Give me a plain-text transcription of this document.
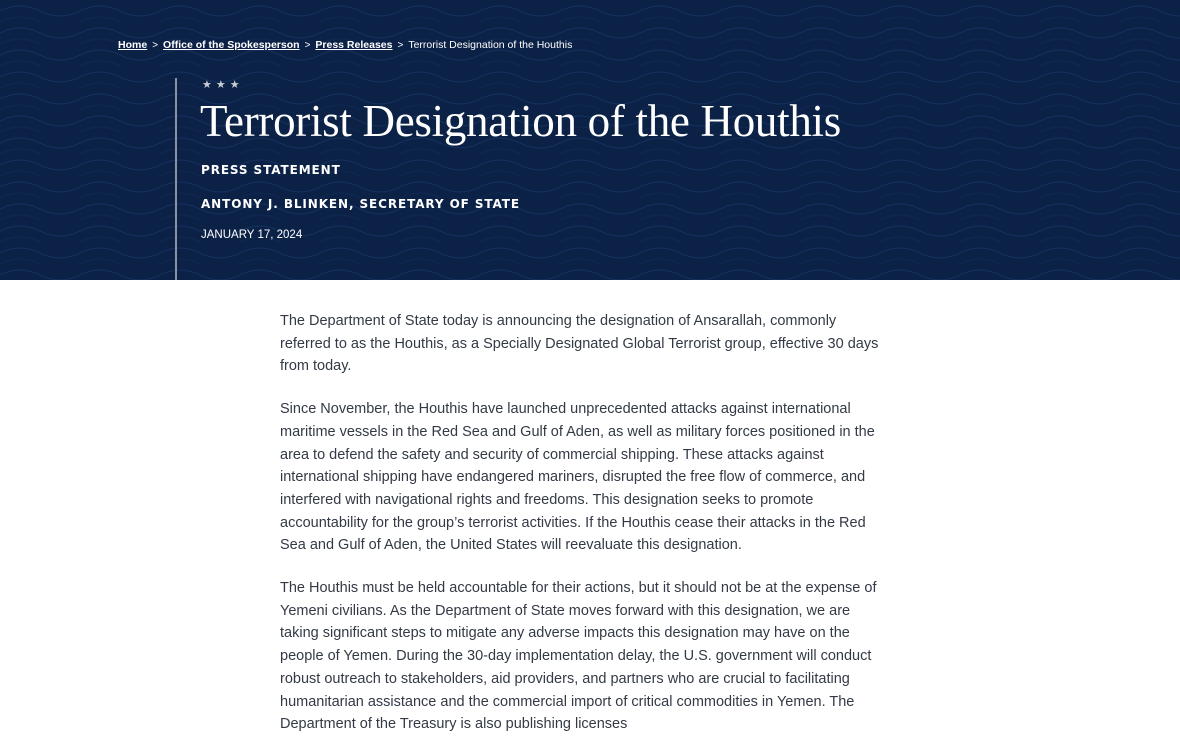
Home > Office of the Spokesperson > Press Releases > Terrorist Designation of the Houthis
★★★
Terrorist Designation of the Houthis
PRESS STATEMENT
ANTONY J. BLINKEN, SECRETARY OF STATE
JANUARY 17, 2024

The Department of State today is announcing the designation of Ansarallah, commonly referred to as the Houthis, as a Specially Designated Global Terrorist group, effective 30 days from today.

Since November, the Houthis have launched unprecedented attacks against international maritime vessels in the Red Sea and Gulf of Aden, as well as military forces positioned in the area to defend the safety and security of commercial shipping. These attacks against international shipping have endangered mariners, disrupted the free flow of commerce, and interfered with navigational rights and freedoms. This designation seeks to promote accountability for the group’s terrorist activities. If the Houthis cease their attacks in the Red Sea and Gulf of Aden, the United States will reevaluate this designation.

The Houthis must be held accountable for their actions, but it should not be at the expense of Yemeni civilians. As the Department of State moves forward with this designation, we are taking significant steps to mitigate any adverse impacts this designation may have on the people of Yemen. During the 30-day implementation delay, the U.S. government will conduct robust outreach to stakeholders, aid providers, and partners who are crucial to facilitating humanitarian assistance and the commercial import of critical commodities in Yemen. The Department of the Treasury is also publishing licenses
